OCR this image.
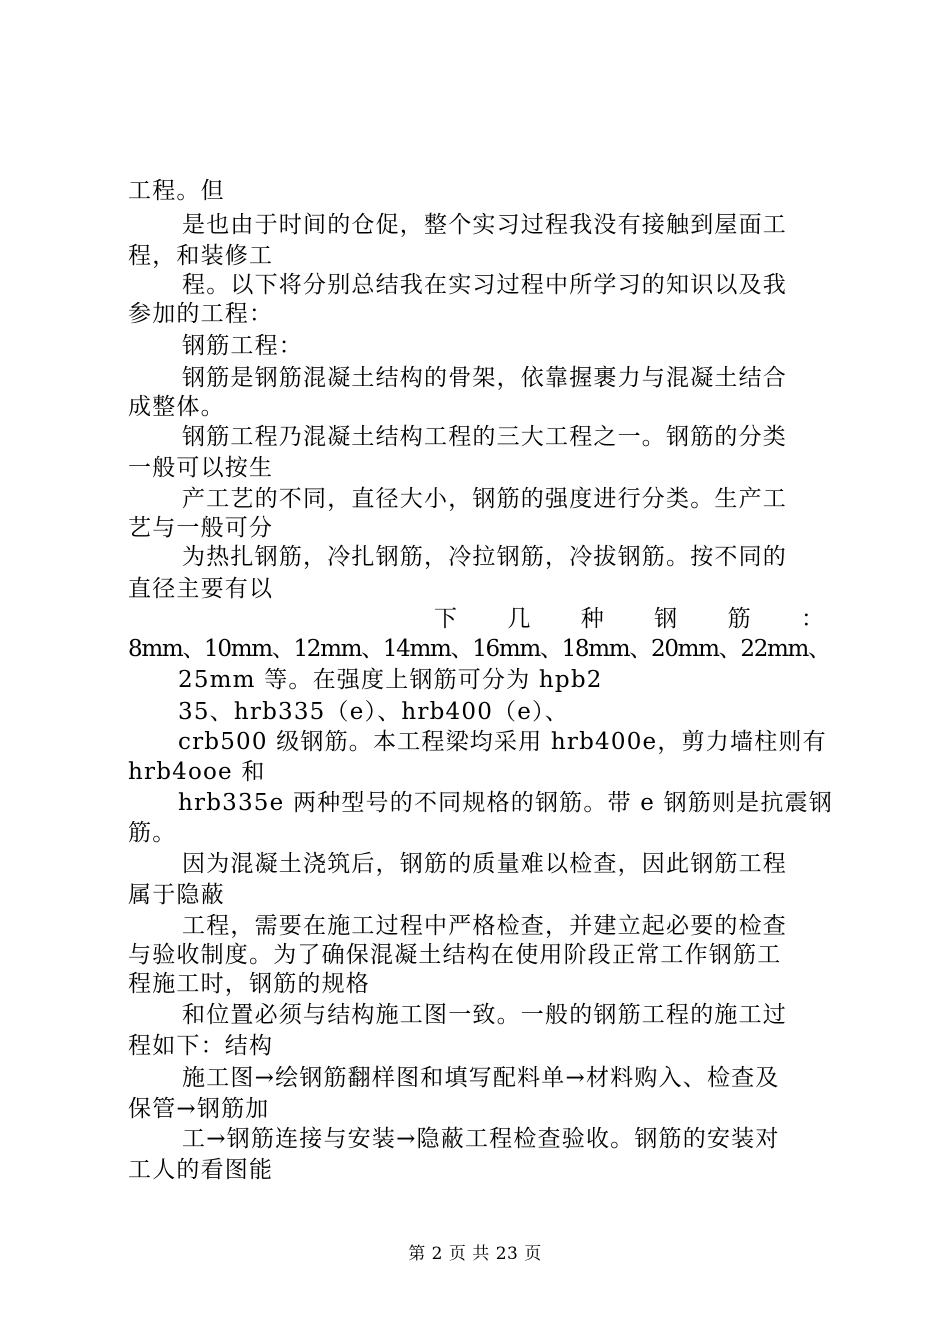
工程。但
是也由于时间的仓促，整个实习过程我没有接触到屋面工
程，和装修工
程。以下将分别总结我在实习过程中所学习的知识以及我
参加的工程：
钢筋工程：
钢筋是钢筋混凝土结构的骨架，依靠握裹力与混凝土结合
成整体。
钢筋工程乃混凝土结构工程的三大工程之一。钢筋的分类
一般可以按生
产工艺的不同，直径大小，钢筋的强度进行分类。生产工
艺与一般可分
为热扎钢筋，冷扎钢筋，冷拉钢筋，冷拔钢筋。按不同的
直径主要有以
下 几 种 钢 筋 ：
8mm、10mm、12mm、14mm、16mm、18mm、20mm、22mm、
25mm 等。在强度上钢筋可分为 hpb2
35、hrb335（e）、hrb400（e）、
crb500 级钢筋。本工程梁均采用 hrb400e，剪力墙柱则有
hrb4ooe 和
hrb335e 两种型号的不同规格的钢筋。带 e 钢筋则是抗震钢
筋。
因为混凝土浇筑后，钢筋的质量难以检查，因此钢筋工程
属于隐蔽
工程，需要在施工过程中严格检查，并建立起必要的检查
与验收制度。为了确保混凝土结构在使用阶段正常工作钢筋工
程施工时，钢筋的规格
和位置必须与结构施工图一致。一般的钢筋工程的施工过
程如下：结构
施工图→绘钢筋翻样图和填写配料单→材料购入、检查及
保管→钢筋加
工→钢筋连接与安装→隐蔽工程检查验收。钢筋的安装对
工人的看图能
第 2 页 共 23 页
